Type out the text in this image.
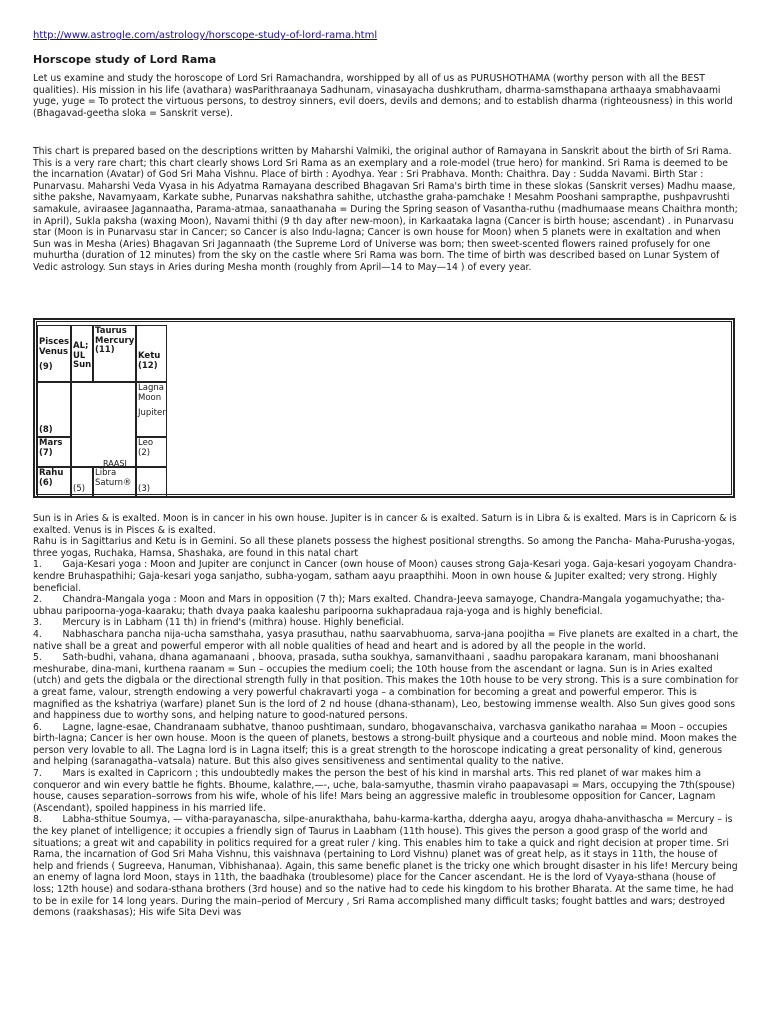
http://www.astrogle.com/astrology/horscope-study-of-lord-rama.html
Horscope study of Lord Rama

Let us examine and study the horoscope of Lord Sri Ramachandra, worshipped by all of us as PURUSHOTHAMA (worthy person with all the BEST qualities). His mission in his life (avathara) wasParithraanaya Sadhunam, vinasayacha dushkrutham, dharma-samsthapana arthaaya smabhavaami yuge, yuge = To protect the virtuous persons, to destroy sinners, evil doers, devils and demons; and to establish dharma (righteousness) in this world (Bhagavad-geetha sloka = Sanskrit verse).

This chart is prepared based on the descriptions written by Maharshi Valmiki, the original author of Ramayana in Sanskrit about the birth of Sri Rama. This is a very rare chart; this chart clearly shows Lord Sri Rama as an exemplary and a role-model (true hero) for mankind. Sri Rama is deemed to be the incarnation (Avatar) of God Sri Maha Vishnu. Place of birth : Ayodhya. Year : Sri Prabhava. Month: Chaithra. Day : Sudda Navami. Birth Star : Punarvasu. Maharshi Veda Vyasa in his Adyatma Ramayana described Bhagavan Sri Rama's birth time in these slokas (Sanskrit verses) Madhu maase, sithe pakshe, Navamyaam, Karkate subhe, Punarvas nakshathra sahithe, utchasthe graha-pamchake ! Mesahm Pooshani samprapthe, pushpavrushti samakule, aviraasee Jagannaatha, Parama-atmaa, sanaathanaha = During the Spring season of Vasantha-ruthu (madhumaase means Chaithra month; in April), Sukla paksha (waxing Moon), Navami thithi (9 th day after new-moon), in Karkaataka lagna (Cancer is birth house; ascendant) . in Punarvasu star (Moon is in Punarvasu star in Cancer; so Cancer is also Indu-lagna; Cancer is own house for Moon) when 5 planets were in exaltation and when Sun was in Mesha (Aries) Bhagavan Sri Jagannaath (the Supreme Lord of Universe was born; then sweet-scented flowers rained profusely for one muhurtha (duration of 12 minutes) from the sky on the castle where Sri Rama was born. The time of birth was described based on Lunar System of Vedic astrology. Sun stays in Aries during Mesha month (roughly from April—14 to May—14 ) of every year.

Pisces Venus
(9)
AL; UL Sun
Taurus Mercury
(11)
Ketu
(12)
(8)
Mars
(7)
Rahu
(6)
RAASI
(5)
Libra Saturn®
Lagna Moon
Jupiter
Leo
(2)
(3)

Sun is in Aries & is exalted. Moon is in cancer in his own house. Jupiter is in cancer & is exalted. Saturn is in Libra & is exalted. Mars is in Capricorn & is exalted. Venus is in Pisces & is exalted.
Rahu is in Sagittarius and Ketu is in Gemini. So all these planets possess the highest positional strengths. So among the Pancha- Maha-Purusha-yogas, three yogas, Ruchaka, Hamsa, Shashaka, are found in this natal chart
1.       Gaja-Kesari yoga : Moon and Jupiter are conjunct in Cancer (own house of Moon) causes strong Gaja-Kesari yoga. Gaja-kesari yogoyam Chandra-kendre Bruhaspathihi; Gaja-kesari yoga sanjatho, subha-yogam, satham aayu praapthihi. Moon in own house & Jupiter exalted; very strong. Highly beneficial.
2.       Chandra-Mangala yoga : Moon and Mars in opposition (7 th); Mars exalted. Chandra-Jeeva samayoge, Chandra-Mangala yogamuchyathe; tha-ubhau paripoorna-yoga-kaaraku; thath dvaya paaka kaaleshu paripoorna sukhapradaua raja-yoga and is highly beneficial.
3.       Mercury is in Labham (11 th) in friend's (mithra) house. Highly beneficial.
4.       Nabhaschara pancha nija-ucha samsthaha, yasya prasuthau, nathu saarvabhuoma, sarva-jana poojitha = Five planets are exalted in a chart, the native shall be a great and powerful emperor with all noble qualities of head and heart and is adored by all the people in the world.
5.       Sath-budhi, vahana, dhana agamanaani , bhoova, prasada, sutha soukhya, samanvithaani , saadhu paropakara karanam, mani bhooshanani meshurabe, dina-mani, kurthena raanam = Sun – occupies the medium coeli; the 10th house from the ascendant or lagna. Sun is in Aries exalted (utch) and gets the digbala or the directional strength fully in that position. This makes the 10th house to be very strong. This is a sure combination for a great fame, valour, strength endowing a very powerful chakravarti yoga – a combination for becoming a great and powerful emperor. This is magnified as the kshatriya (warfare) planet Sun is the lord of 2 nd house (dhana-sthanam), Leo, bestowing immense wealth. Also Sun gives good sons and happiness due to worthy sons, and helping nature to good-natured persons.
6.       Lagne, lagne-esae, Chandranaam subhatve, thanoo pushtimaan, sundaro, bhogavanschaiva, varchasva ganikatho narahaa = Moon – occupies birth-lagna; Cancer is her own house. Moon is the queen of planets, bestows a strong-built physique and a courteous and noble mind. Moon makes the person very lovable to all. The Lagna lord is in Lagna itself; this is a great strength to the horoscope indicating a great personality of kind, generous and helping (saranagatha–vatsala) nature. But this also gives sensitiveness and sentimental quality to the native.
7.       Mars is exalted in Capricorn ; this undoubtedly makes the person the best of his kind in marshal arts. This red planet of war makes him a conqueror and win every battle he fights. Bhoume, kalathre,—-, uche, bala-samyuthe, thasmin viraho paapavasapi = Mars, occupying the 7th(spouse) house, causes separation–sorrows from his wife, whole of his life! Mars being an aggressive malefic in troublesome opposition for Cancer, Lagnam (Ascendant), spoiled happiness in his married life.
8.       Labha-sthitue Soumya, — vitha-parayanascha, silpe-anurakthaha, bahu-karma-kartha, ddergha aayu, arogya dhaha-anvithascha = Mercury – is the key planet of intelligence; it occupies a friendly sign of Taurus in Laabham (11th house). This gives the person a good grasp of the world and situations; a great wit and capability in politics required for a great ruler / king. This enables him to take a quick and right decision at proper time. Sri Rama, the incarnation of God Sri Maha Vishnu, this vaishnava (pertaining to Lord Vishnu) planet was of great help, as it stays in 11th, the house of help and friends ( Sugreeva, Hanuman, Vibhishanaa). Again, this same benefic planet is the tricky one which brought disaster in his life! Mercury being an enemy of lagna lord Moon, stays in 11th, the baadhaka (troublesome) place for the Cancer ascendant. He is the lord of Vyaya-sthana (house of loss; 12th house) and sodara-sthana brothers (3rd house) and so the native had to cede his kingdom to his brother Bharata. At the same time, he had to be in exile for 14 long years. During the main–period of Mercury , Sri Rama accomplished many difficult tasks; fought battles and wars; destroyed demons (raakshasas); His wife Sita Devi was
